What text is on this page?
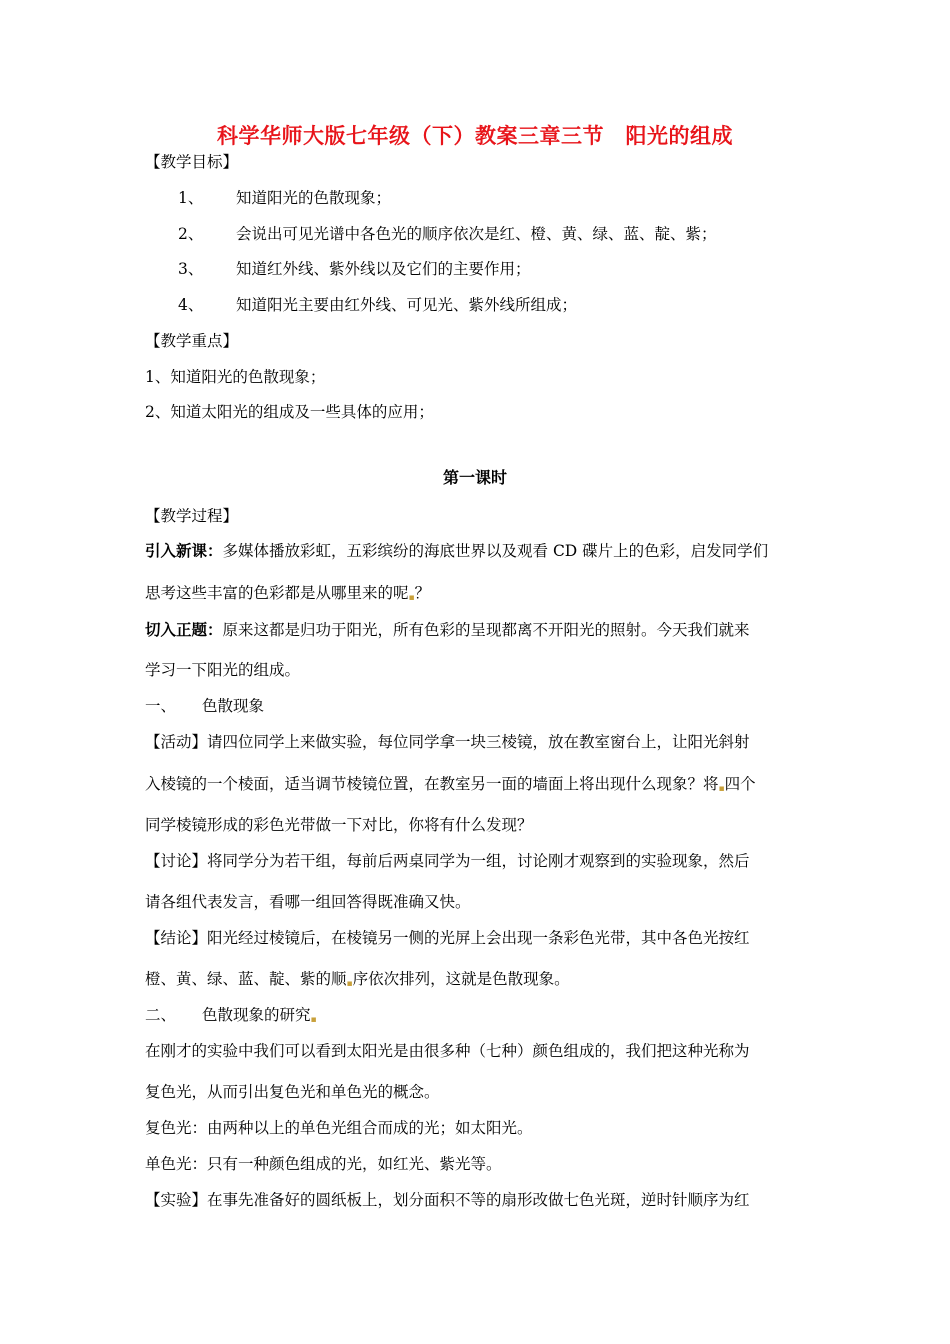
科学华师大版七年级（下）教案三章三节　阳光的组成
【教学目标】
1、 知道阳光的色散现象；
2、 会说出可见光谱中各色光的顺序依次是红、橙、黄、绿、蓝、靛、紫；
3、 知道红外线、紫外线以及它们的主要作用；
4、 知道阳光主要由红外线、可见光、紫外线所组成；
【教学重点】
1、知道阳光的色散现象；
2、知道太阳光的组成及一些具体的应用；
第一课时
【教学过程】
引入新课：多媒体播放彩虹，五彩缤纷的海底世界以及观看 CD 碟片上的色彩，启发同学们
思考这些丰富的色彩都是从哪里来的呢▪？
切入正题：原来这都是归功于阳光，所有色彩的呈现都离不开阳光的照射。今天我们就来
学习一下阳光的组成。
一、 色散现象
【活动】请四位同学上来做实验，每位同学拿一块三棱镜，放在教室窗台上，让阳光斜射
入棱镜的一个棱面，适当调节棱镜位置，在教室另一面的墙面上将出现什么现象？将▪四个
同学棱镜形成的彩色光带做一下对比，你将有什么发现？
【讨论】将同学分为若干组，每前后两桌同学为一组，讨论刚才观察到的实验现象，然后
请各组代表发言，看哪一组回答得既准确又快。
【结论】阳光经过棱镜后，在棱镜另一侧的光屏上会出现一条彩色光带，其中各色光按红
橙、黄、绿、蓝、靛、紫的顺▪序依次排列，这就是色散现象。
二、 色散现象的研究▪
在刚才的实验中我们可以看到太阳光是由很多种（七种）颜色组成的，我们把这种光称为
复色光，从而引出复色光和单色光的概念。
复色光：由两种以上的单色光组合而成的光；如太阳光。
单色光：只有一种颜色组成的光，如红光、紫光等。
【实验】在事先准备好的圆纸板上，划分面积不等的扇形改做七色光斑，逆时针顺序为红
